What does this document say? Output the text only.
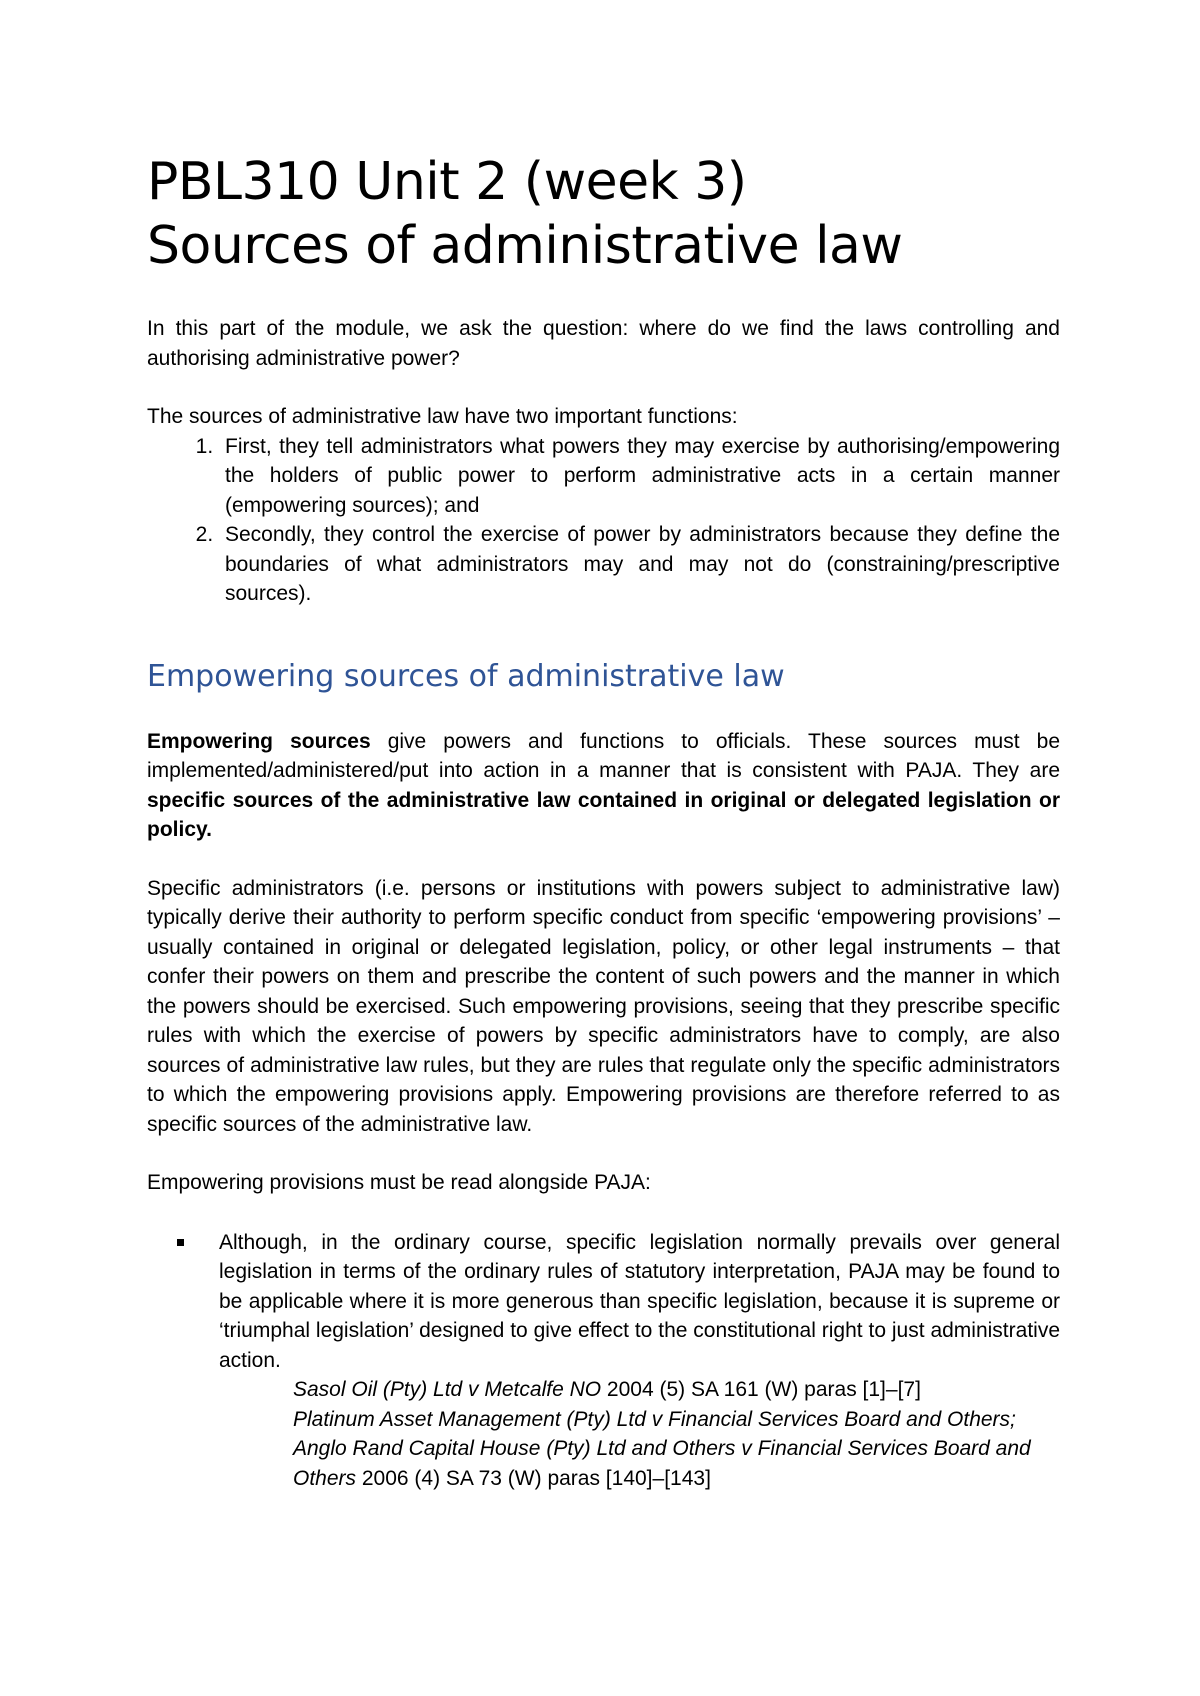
PBL310 Unit 2 (week 3)
Sources of administrative law

In this part of the module, we ask the question: where do we find the laws controlling and authorising administrative power?

The sources of administrative law have two important functions:

1. First, they tell administrators what powers they may exercise by authorising/empowering the holders of public power to perform administrative acts in a certain manner (empowering sources); and
2. Secondly, they control the exercise of power by administrators because they define the boundaries of what administrators may and may not do (constraining/prescriptive sources).
Empowering sources of administrative law

Empowering sources give powers and functions to officials. These sources must be implemented/administered/put into action in a manner that is consistent with PAJA. They are specific sources of the administrative law contained in original or delegated legislation or policy.

Specific administrators (i.e. persons or institutions with powers subject to administrative law) typically derive their authority to perform specific conduct from specific ‘empowering provisions’ – usually contained in original or delegated legislation, policy, or other legal instruments – that confer their powers on them and prescribe the content of such powers and the manner in which the powers should be exercised. Such empowering provisions, seeing that they prescribe specific rules with which the exercise of powers by specific administrators have to comply, are also sources of administrative law rules, but they are rules that regulate only the specific administrators to which the empowering provisions apply. Empowering provisions are therefore referred to as specific sources of the administrative law.

Empowering provisions must be read alongside PAJA:

Although, in the ordinary course, specific legislation normally prevails over general legislation in terms of the ordinary rules of statutory interpretation, PAJA may be found to be applicable where it is more generous than specific legislation, because it is supreme or ‘triumphal legislation’ designed to give effect to the constitutional right to just administrative action.
Sasol Oil (Pty) Ltd v Metcalfe NO 2004 (5) SA 161 (W) paras [1]–[7]
Platinum Asset Management (Pty) Ltd v Financial Services Board and Others;
Anglo Rand Capital House (Pty) Ltd and Others v Financial Services Board and
Others 2006 (4) SA 73 (W) paras [140]–[143]
